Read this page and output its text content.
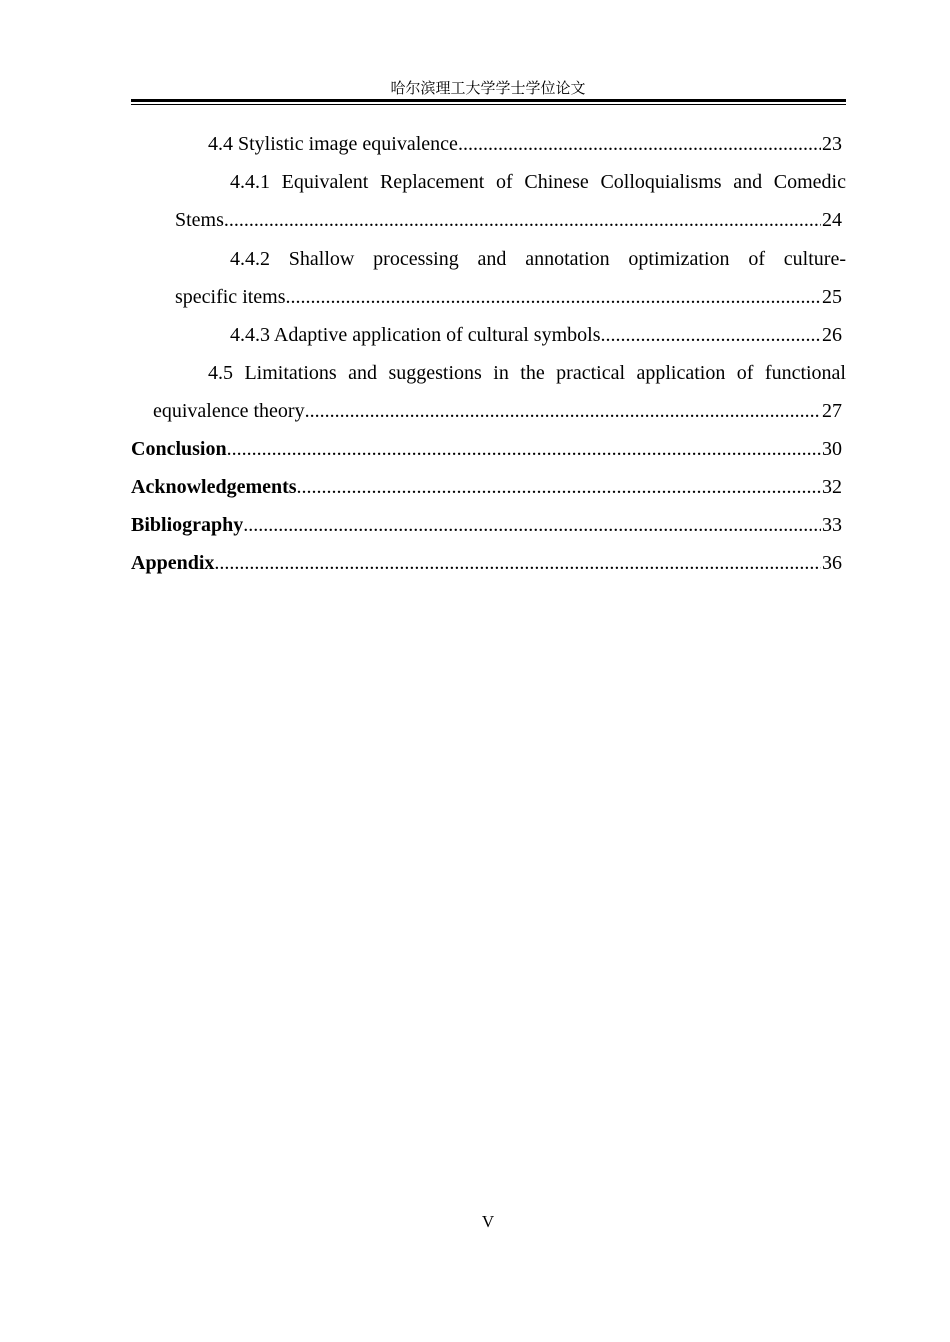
哈尔滨理工大学学士学位论文
4.4 Stylistic image equivalence .....	23
4.4.1 Equivalent Replacement of Chinese Colloquialisms and Comedic
Stems .....	24
4.4.2 Shallow processing and annotation optimization of culture-
specific items .....	25
4.4.3 Adaptive application of cultural symbols .....	26
4.5 Limitations and suggestions in the practical application of functional
equivalence theory .....	27
Conclusion .....	30
Acknowledgements .....	32
Bibliography .....	33
Appendix .....	36
V
